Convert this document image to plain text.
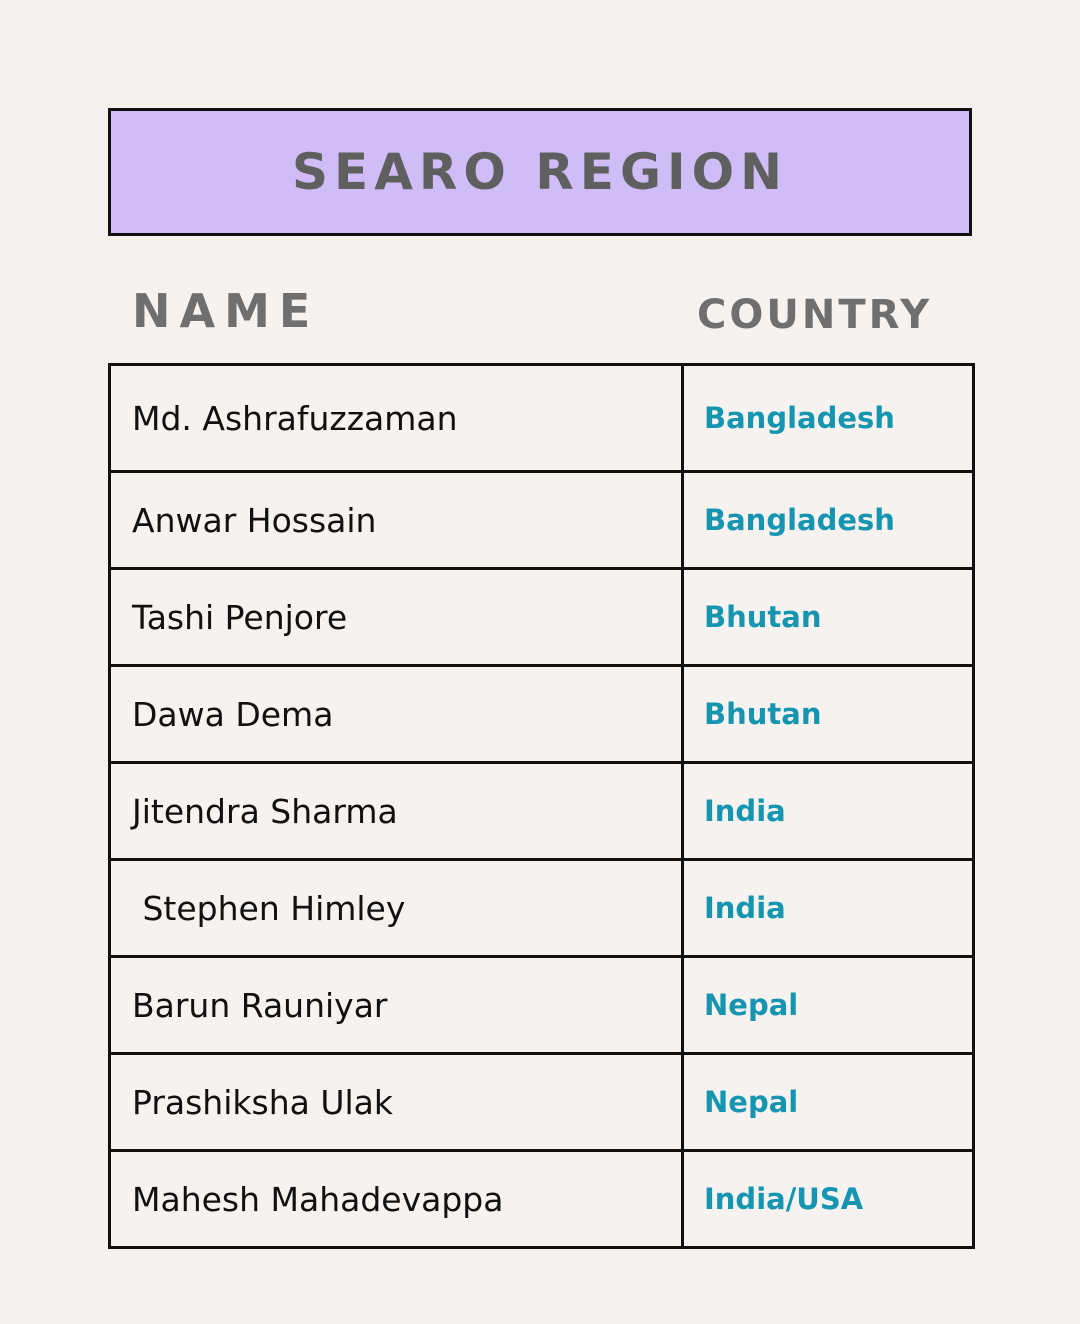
SEARO REGION
NAME	COUNTRY
Md. Ashrafuzzaman	Bangladesh
Anwar Hossain	Bangladesh
Tashi Penjore	Bhutan
Dawa Dema	Bhutan
Jitendra Sharma	India
Stephen Himley	India
Barun Rauniyar	Nepal
Prashiksha Ulak	Nepal
Mahesh Mahadevappa	India/USA
